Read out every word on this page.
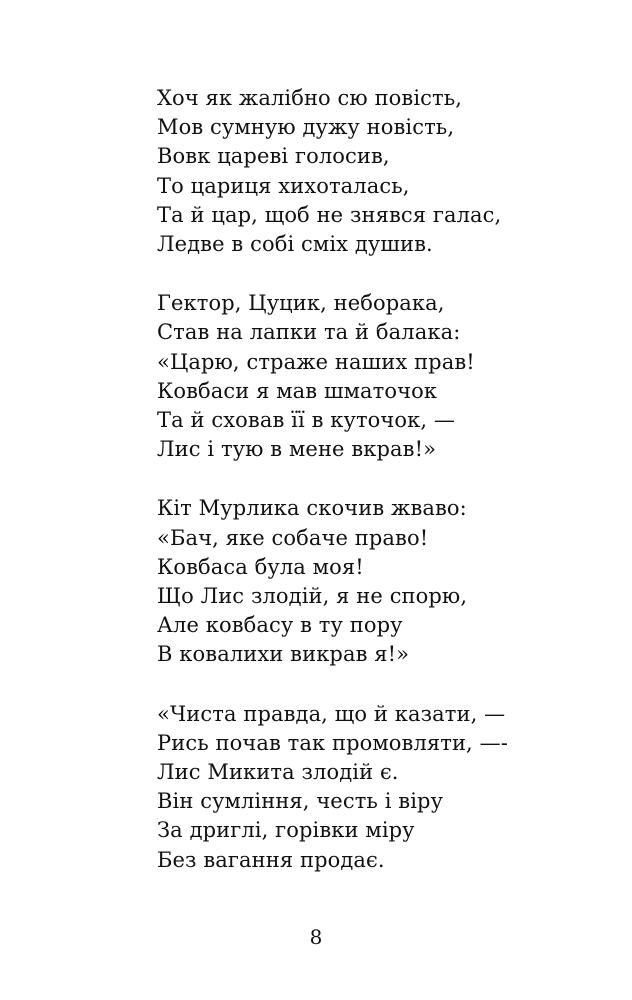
Хоч як жалібно сю повість,
Мов сумную дужу новість,
Вовк цареві голосив,
То цариця хихоталась,
Та й цар, щоб не знявся галас,
Ледве в собі сміх душив.
Гектор, Цуцик, неборака,
Став на лапки та й балака:
«Царю, страже наших прав!
Ковбаси я мав шматочок
Та й сховав її в куточок, —
Лис і тую в мене вкрав!»
Кіт Мурлика скочив жваво:
«Бач, яке собаче право!
Ковбаса була моя!
Що Лис злодій, я не спорю,
Але ковбасу в ту пору
В ковалихи викрав я!»
«Чиста правда, що й казати, —
Рись почав так промовляти, —-
Лис Микита злодій є.
Він сумління, честь і віру
За дриглі, горівки міру
Без вагання продає.
8
